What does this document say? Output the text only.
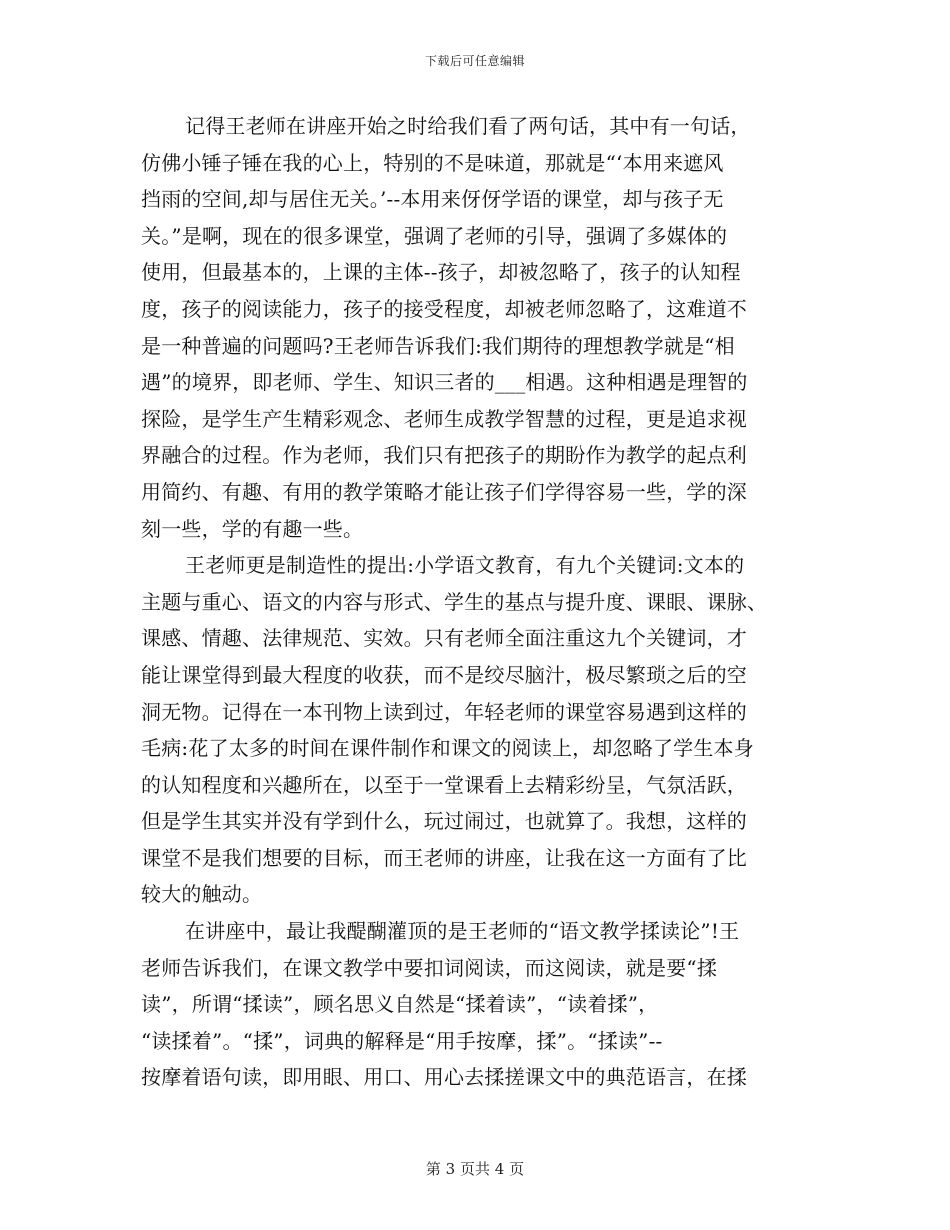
下载后可任意编辑
记得王老师在讲座开始之时给我们看了两句话，其中有一句话，
仿佛小锤子锤在我的心上，特别的不是味道，那就是“‘本用来遮风
挡雨的空间,却与居住无关。’--本用来伢伢学语的课堂，却与孩子无
关。”是啊，现在的很多课堂，强调了老师的引导，强调了多媒体的
使用，但最基本的，上课的主体--孩子，却被忽略了，孩子的认知程
度，孩子的阅读能力，孩子的接受程度，却被老师忽略了，这难道不
是一种普遍的问题吗?王老师告诉我们:我们期待的理想教学就是“相
遇”的境界，即老师、学生、知识三者的___相遇。这种相遇是理智的
探险，是学生产生精彩观念、老师生成教学智慧的过程，更是追求视
界融合的过程。作为老师，我们只有把孩子的期盼作为教学的起点利
用简约、有趣、有用的教学策略才能让孩子们学得容易一些，学的深
刻一些，学的有趣一些。
王老师更是制造性的提出:小学语文教育，有九个关键词:文本的
主题与重心、语文的内容与形式、学生的基点与提升度、课眼、课脉、
课感、情趣、法律规范、实效。只有老师全面注重这九个关键词，才
能让课堂得到最大程度的收获，而不是绞尽脑汁，极尽繁琐之后的空
洞无物。记得在一本刊物上读到过，年轻老师的课堂容易遇到这样的
毛病:花了太多的时间在课件制作和课文的阅读上，却忽略了学生本身
的认知程度和兴趣所在，以至于一堂课看上去精彩纷呈，气氛活跃，
但是学生其实并没有学到什么，玩过闹过，也就算了。我想，这样的
课堂不是我们想要的目标，而王老师的讲座，让我在这一方面有了比
较大的触动。
在讲座中，最让我醍醐灌顶的是王老师的“语文教学揉读论”!王
老师告诉我们，在课文教学中要扣词阅读，而这阅读，就是要“揉
读”，所谓“揉读”，顾名思义自然是“揉着读”，“读着揉”，
“读揉着”。“揉”，词典的解释是“用手按摩，揉”。“揉读”--
按摩着语句读，即用眼、用口、用心去揉搓课文中的典范语言，在揉
第 3 页共 4 页
